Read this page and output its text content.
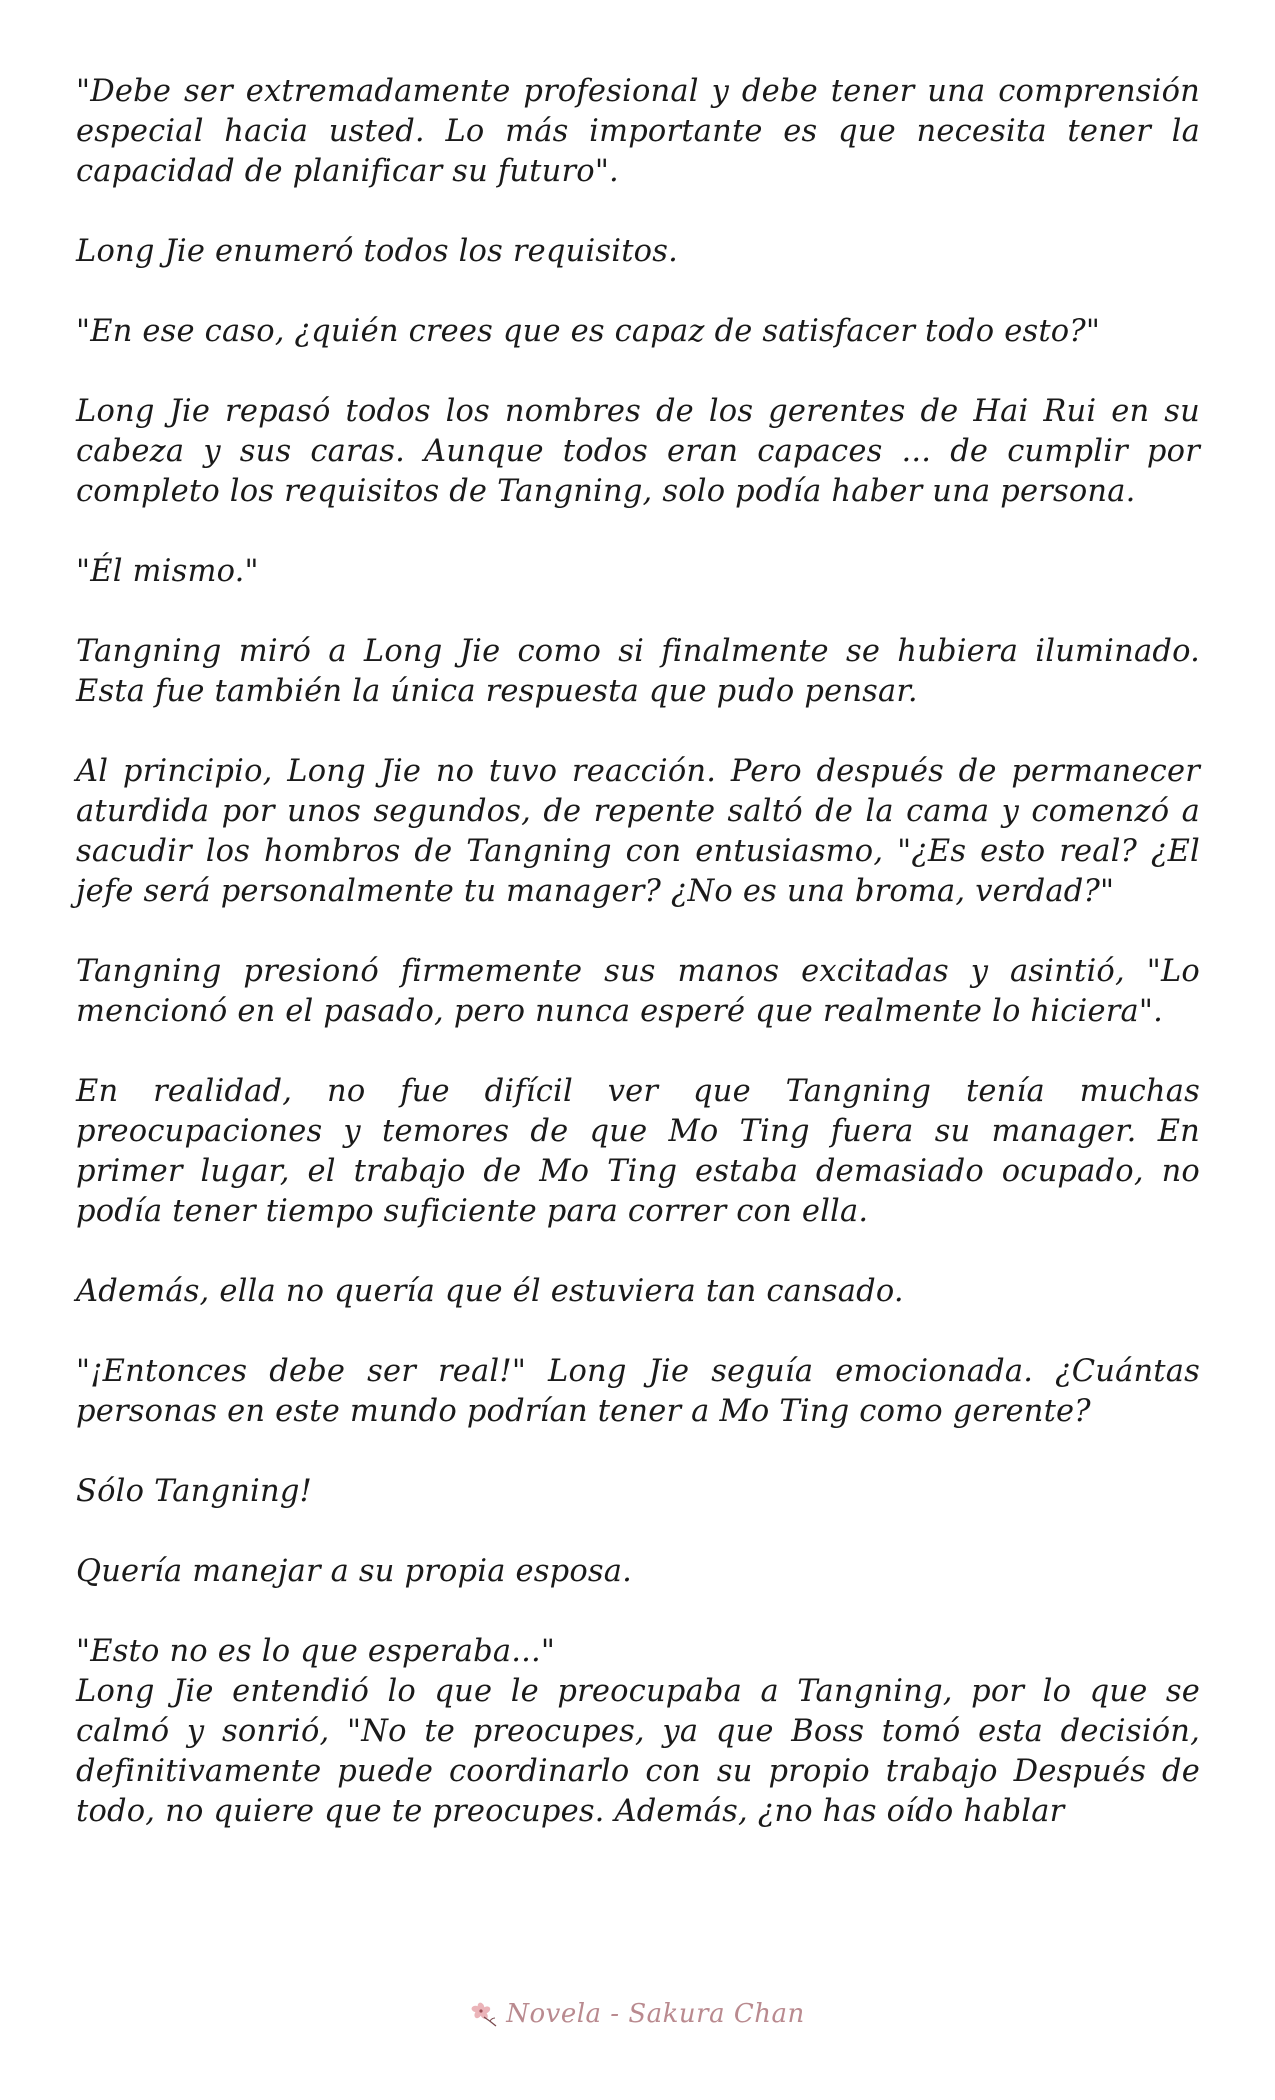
"Debe ser extremadamente profesional y debe tener una comprensión especial hacia usted. Lo más importante es que necesita tener la capacidad de planificar su futuro".

Long Jie enumeró todos los requisitos.

"En ese caso, ¿quién crees que es capaz de satisfacer todo esto?"

Long Jie repasó todos los nombres de los gerentes de Hai Rui en su cabeza y sus caras. Aunque todos eran capaces ... de cumplir por completo los requisitos de Tangning, solo podía haber una persona.

"Él mismo."

Tangning miró a Long Jie como si finalmente se hubiera iluminado. Esta fue también la única respuesta que pudo pensar.

Al principio, Long Jie no tuvo reacción. Pero después de permanecer aturdida por unos segundos, de repente saltó de la cama y comenzó a sacudir los hombros de Tangning con entusiasmo, "¿Es esto real? ¿El jefe será personalmente tu manager? ¿No es una broma, verdad?"

Tangning presionó firmemente sus manos excitadas y asintió, "Lo mencionó en el pasado, pero nunca esperé que realmente lo hiciera".

En realidad, no fue difícil ver que Tangning tenía muchas preocupaciones y temores de que Mo Ting fuera su manager. En primer lugar, el trabajo de Mo Ting estaba demasiado ocupado, no podía tener tiempo suficiente para correr con ella.

Además, ella no quería que él estuviera tan cansado.

"¡Entonces debe ser real!" Long Jie seguía emocionada. ¿Cuántas personas en este mundo podrían tener a Mo Ting como gerente?

Sólo Tangning!

Quería manejar a su propia esposa.

"Esto no es lo que esperaba..."

Long Jie entendió lo que le preocupaba a Tangning, por lo que se calmó y sonrió, "No te preocupes, ya que Boss tomó esta decisión, definitivamente puede coordinarlo con su propio trabajo Después de todo, no quiere que te preocupes. Además, ¿no has oído hablar

Novela - Sakura Chan
